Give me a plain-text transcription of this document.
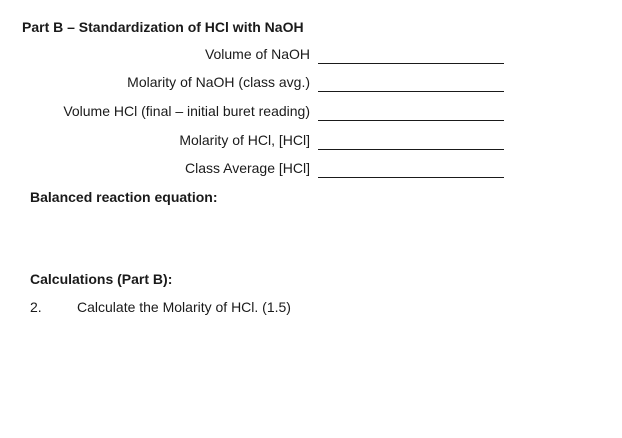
Part B – Standardization of HCl with NaOH
Volume of NaOH
Molarity of NaOH (class avg.)
Volume HCl (final – initial buret reading)
Molarity of HCl, [HCl]
Class Average [HCl]
Balanced reaction equation:
Calculations (Part B):
2.	Calculate the Molarity of HCl. (1.5)
